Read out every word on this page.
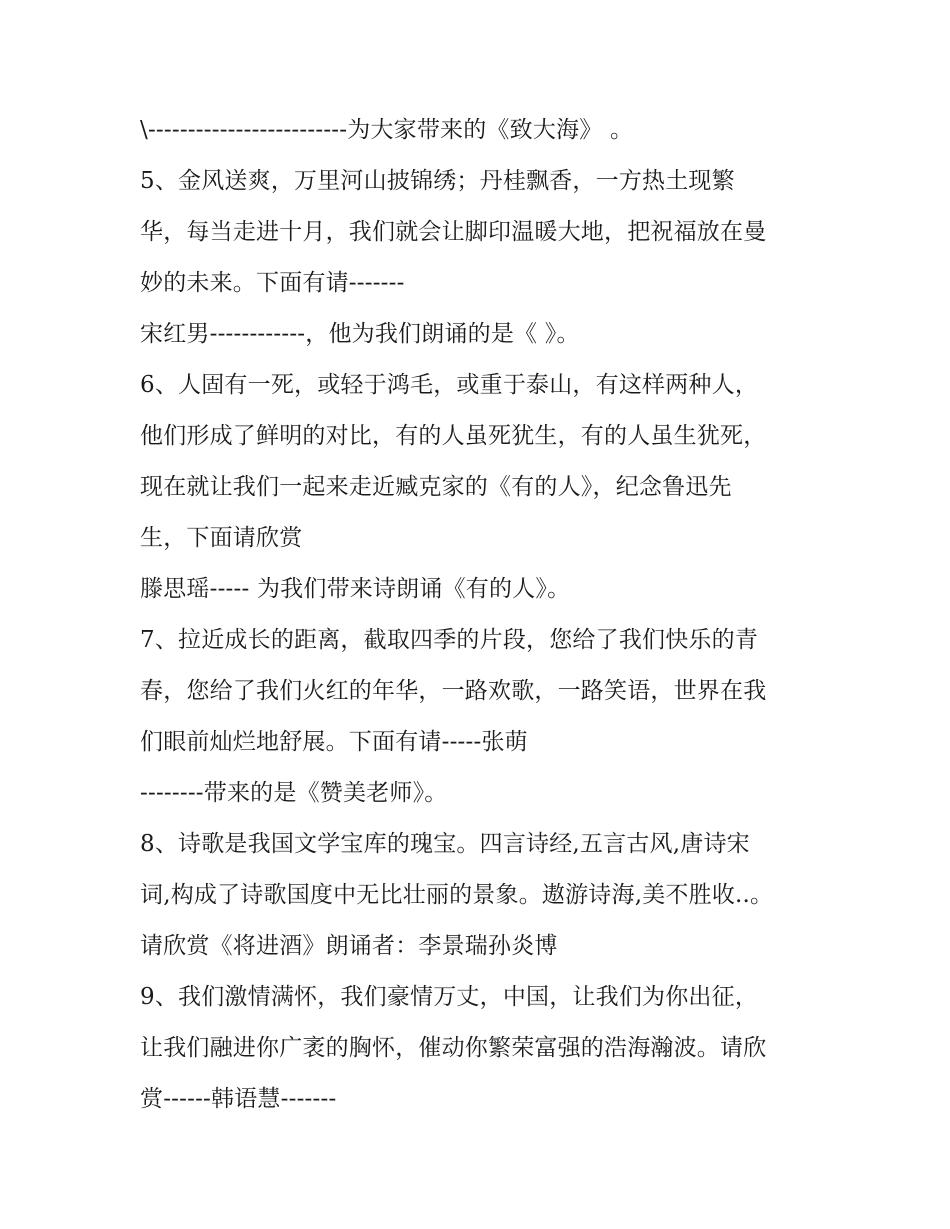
\-------------------------为大家带来的《致大海》 。
5、金风送爽，万里河山披锦绣；丹桂飘香，一方热土现繁
华，每当走进十月，我们就会让脚印温暖大地，把祝福放在曼
妙的未来。下面有请-------
宋红男------------，他为我们朗诵的是《 》。
6、人固有一死，或轻于鸿毛，或重于泰山，有这样两种人，
他们形成了鲜明的对比，有的人虽死犹生，有的人虽生犹死，
现在就让我们一起来走近臧克家的《有的人》，纪念鲁迅先
生，下面请欣赏
滕思瑶----- 为我们带来诗朗诵《有的人》。
7、拉近成长的距离，截取四季的片段，您给了我们快乐的青
春，您给了我们火红的年华，一路欢歌，一路笑语，世界在我
们眼前灿烂地舒展。下面有请-----张萌
--------带来的是《赞美老师》。
8、诗歌是我国文学宝库的瑰宝。四言诗经,五言古风,唐诗宋
词,构成了诗歌国度中无比壮丽的景象。遨游诗海,美不胜收..。
请欣赏《将进酒》朗诵者：李景瑞孙炎博
9、我们激情满怀，我们豪情万丈，中国，让我们为你出征，
让我们融进你广袤的胸怀，催动你繁荣富强的浩海瀚波。请欣
赏------韩语慧-------
